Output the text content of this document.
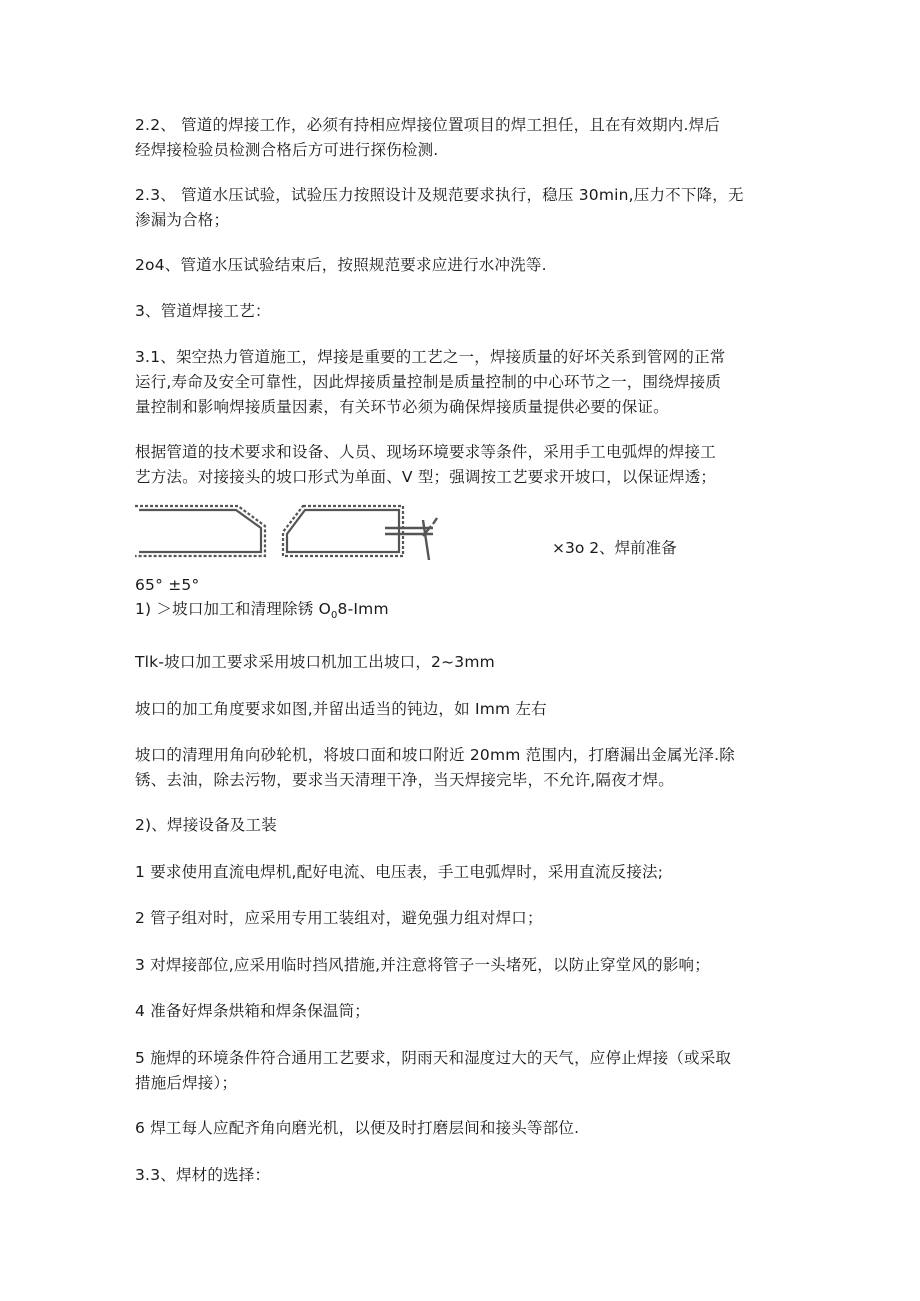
2.2、 管道的焊接工作，必须有持相应焊接位置项目的焊工担任，且在有效期内.焊后
经焊接检验员检测合格后方可进行探伤检测.
2.3、 管道水压试验，试验压力按照设计及规范要求执行，稳压 30min,压力不下降，无
渗漏为合格；
2o4、管道水压试验结束后，按照规范要求应进行水冲洗等.
3、管道焊接工艺：
3.1、架空热力管道施工，焊接是重要的工艺之一，焊接质量的好坏关系到管网的正常
运行,寿命及安全可靠性，因此焊接质量控制是质量控制的中心环节之一，围绕焊接质
量控制和影响焊接质量因素，有关环节必须为确保焊接质量提供必要的保证。
根据管道的技术要求和设备、人员、现场环境要求等条件，采用手工电弧焊的焊接工
艺方法。对接接头的坡口形式为单面、V 型；强调按工艺要求开坡口，以保证焊透；
×3o 2、焊前准备
65° ±5°
1) ＞坡口加工和清理除锈 $O_08$-Imm
Tlk-坡口加工要求采用坡口机加工出坡口，2~3mm
坡口的加工角度要求如图,并留出适当的钝边，如 Imm 左右
坡口的清理用角向砂轮机，将坡口面和坡口附近 20mm 范围内，打磨漏出金属光泽.除
锈、去油，除去污物，要求当天清理干净，当天焊接完毕，不允许,隔夜才焊。
2)、焊接设备及工装
1 要求使用直流电焊机,配好电流、电压表，手工电弧焊时，采用直流反接法;
2 管子组对时，应采用专用工装组对，避免强力组对焊口；
3 对焊接部位,应采用临时挡风措施,并注意将管子一头堵死，以防止穿堂风的影响；
4 准备好焊条烘箱和焊条保温筒；
5 施焊的环境条件符合通用工艺要求，阴雨天和湿度过大的天气，应停止焊接（或采取
措施后焊接）；
6 焊工每人应配齐角向磨光机，以便及时打磨层间和接头等部位.
3.3、焊材的选择：
